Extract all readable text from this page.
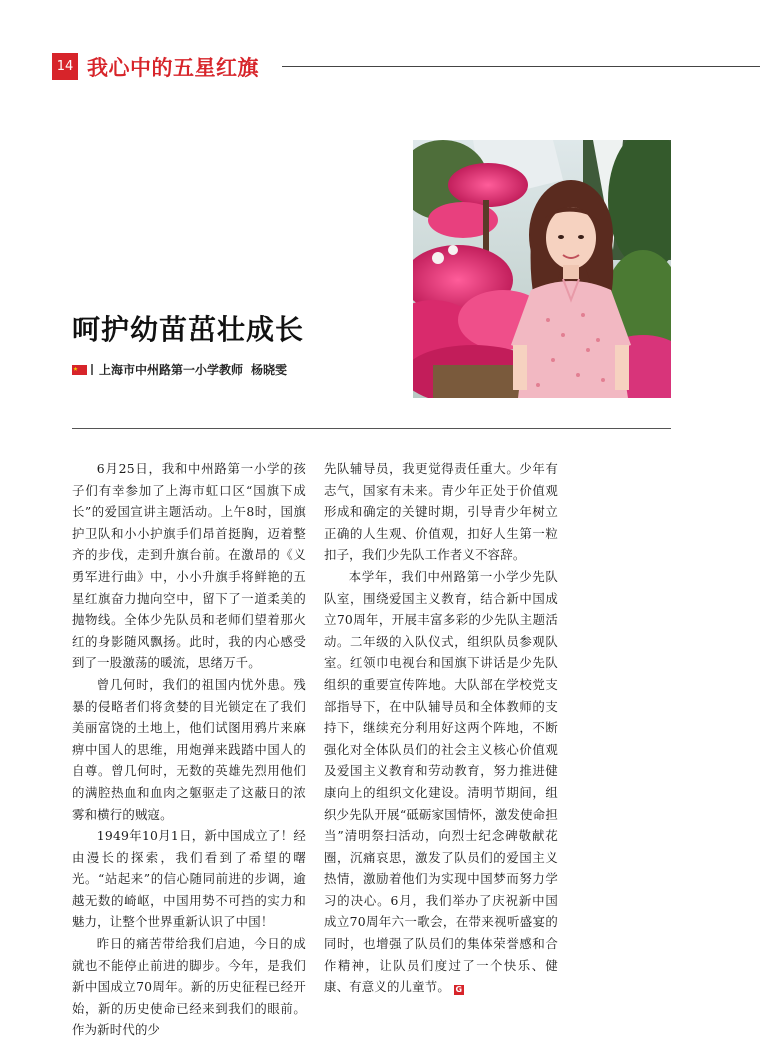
14 我心中的五星红旗
呵护幼苗茁壮成长
上海市中州路第一小学教师 杨晓雯

6月25日，我和中州路第一小学的孩子们有幸参加了上海市虹口区“国旗下成长”的爱国宣讲主题活动。上午8时，国旗护卫队和小小护旗手们昂首挺胸，迈着整齐的步伐，走到升旗台前。在激昂的《义勇军进行曲》中，小小升旗手将鲜艳的五星红旗奋力抛向空中，留下了一道柔美的抛物线。全体少先队员和老师们望着那火红的身影随风飘扬。此时，我的内心感受到了一股激荡的暖流，思绪万千。

曾几何时，我们的祖国内忧外患。残暴的侵略者们将贪婪的目光锁定在了我们美丽富饶的土地上，他们试图用鸦片来麻痹中国人的思维，用炮弹来践踏中国人的自尊。曾几何时，无数的英雄先烈用他们的满腔热血和血肉之躯驱走了这蔽日的浓雾和横行的贼寇。

1949年10月1日，新中国成立了！经由漫长的探索，我们看到了希望的曙光。“站起来”的信心随同前进的步调，逾越无数的崎岖，中国用势不可挡的实力和魅力，让整个世界重新认识了中国！

昨日的痛苦带给我们启迪，今日的成就也不能停止前进的脚步。今年，是我们新中国成立70周年。新的历史征程已经开始，新的历史使命已经来到我们的眼前。作为新时代的少

先队辅导员，我更觉得责任重大。少年有志气，国家有未来。青少年正处于价值观形成和确定的关键时期，引导青少年树立正确的人生观、价值观，扣好人生第一粒扣子，我们少先队工作者义不容辞。

本学年，我们中州路第一小学少先队队室，围绕爱国主义教育，结合新中国成立70周年，开展丰富多彩的少先队主题活动。二年级的入队仪式，组织队员参观队室。红领巾电视台和国旗下讲话是少先队组织的重要宣传阵地。大队部在学校党支部指导下，在中队辅导员和全体教师的支持下，继续充分利用好这两个阵地，不断强化对全体队员们的社会主义核心价值观及爱国主义教育和劳动教育，努力推进健康向上的组织文化建设。清明节期间，组织少先队开展“砥砺家国情怀，激发使命担当”清明祭扫活动，向烈士纪念碑敬献花圈，沉痛哀思，激发了队员们的爱国主义热情，激励着他们为实现中国梦而努力学习的决心。6月，我们举办了庆祝新中国成立70周年六一歌会，在带来视听盛宴的同时，也增强了队员们的集体荣誉感和合作精神，让队员们度过了一个快乐、健康、有意义的儿童节。 G
